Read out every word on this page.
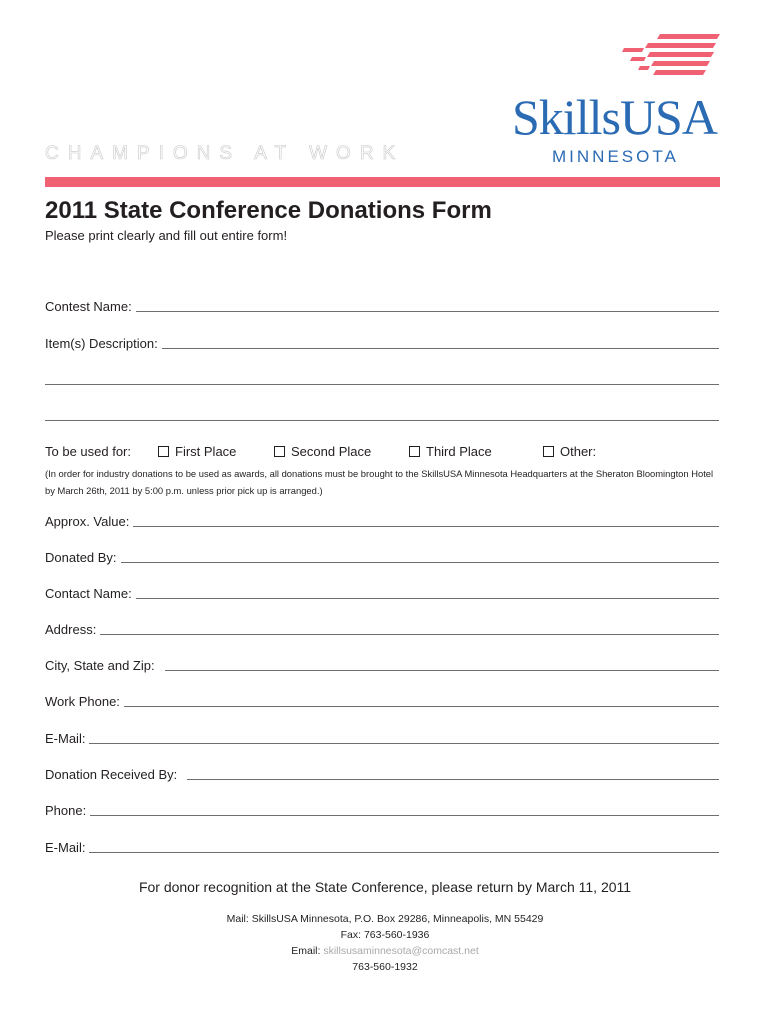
CHAMPIONS AT WORK
SkillsUSA
MINNESOTA
2011 State Conference Donations Form
Please print clearly and fill out entire form!
Contest Name:
Item(s) Description:
To be used for:	First Place	Second Place	Third Place	Other:
(In order for industry donations to be used as awards, all donations must be brought to the SkillsUSA Minnesota Headquarters at the Sheraton Bloomington Hotel by March 26th, 2011 by 5:00 p.m. unless prior pick up is arranged.)
Approx. Value:
Donated By:
Contact Name:
Address:
City, State and Zip:
Work Phone:
E-Mail:
Donation Received By:
Phone:
E-Mail:
For donor recognition at the State Conference, please return by March 11, 2011
Mail: SkillsUSA Minnesota, P.O. Box 29286, Minneapolis, MN 55429
Fax: 763-560-1936
Email: skillsusaminnesota@comcast.net
763-560-1932
